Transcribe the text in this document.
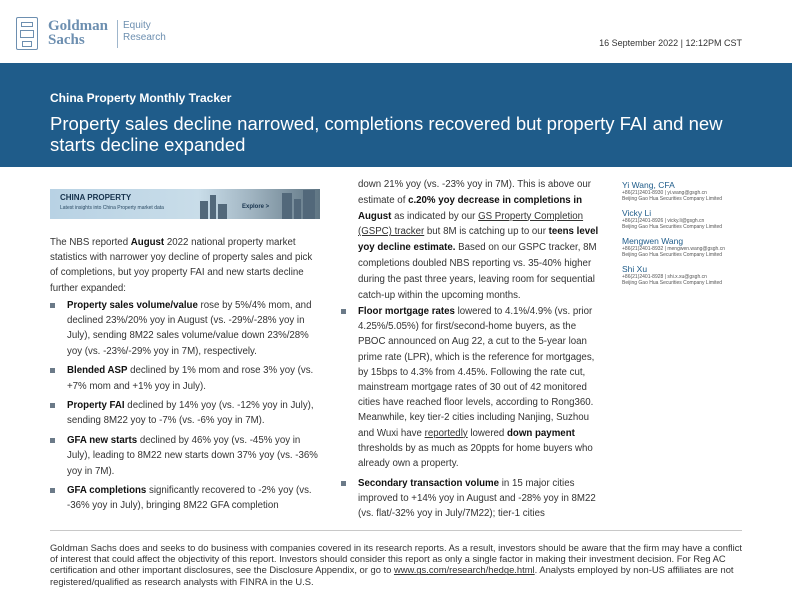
Goldman
Sachs
Equity
Research	16 September 2022 | 12:12PM CST
China Property Monthly Tracker
Property sales decline narrowed, completions recovered but property FAI and new starts decline expanded
CHINA PROPERTY
Latest insights into China Property market data	Explore >
The NBS reported August 2022 national property market statistics with narrower yoy decline of property sales and pick of completions, but yoy property FAI and new starts decline further expanded:
Property sales volume/value rose by 5%/4% mom, and declined 23%/20% yoy in August (vs. -29%/-28% yoy in July), sending 8M22 sales volume/value down 23%/28% yoy (vs. -23%/-29% yoy in 7M), respectively.
Blended ASP declined by 1% mom and rose 3% yoy (vs. +7% mom and +1% yoy in July).
Property FAI declined by 14% yoy (vs. -12% yoy in July), sending 8M22 yoy to -7% (vs. -6% yoy in 7M).
GFA new starts declined by 46% yoy (vs. -45% yoy in July), leading to 8M22 new starts down 37% yoy (vs. -36% yoy in 7M).
GFA completions significantly recovered to -2% yoy (vs. -36% yoy in July), bringing 8M22 GFA completion
down 21% yoy (vs. -23% yoy in 7M). This is above our estimate of c.20% yoy decrease in completions in August as indicated by our GS Property Completion (GSPC) tracker but 8M is catching up to our teens level yoy decline estimate. Based on our GSPC tracker, 8M completions doubled NBS reporting vs. 35-40% higher during the past three years, leaving room for sequential catch-up within the upcoming months.
Floor mortgage rates lowered to 4.1%/4.9% (vs. prior 4.25%/5.05%) for first/second-home buyers, as the PBOC announced on Aug 22, a cut to the 5-year loan prime rate (LPR), which is the reference for mortgages, by 15bps to 4.3% from 4.45%. Following the rate cut, mainstream mortgage rates of 30 out of 42 monitored cities have reached floor levels, according to Rong360. Meanwhile, key tier-2 cities including Nanjing, Suzhou and Wuxi have reportedly lowered down payment thresholds by as much as 20ppts for home buyers who already own a property.
Secondary transaction volume in 15 major cities improved to +14% yoy in August and -28% yoy in 8M22 (vs. flat/-32% yoy in July/7M22); tier-1 cities
Yi Wang, CFA
+86(21)2401-8930 | yi.wang@gsgh.cn
Beijing Gao Hua Securities Company Limited
Vicky Li
+86(21)2401-8926 | vicky.li@gsgh.cn
Beijing Gao Hua Securities Company Limited
Mengwen Wang
+86(21)2401-8932 | mengwen.wang@gsgh.cn
Beijing Gao Hua Securities Company Limited
Shi Xu
+86(21)2401-8928 | shi.x.xu@gsgh.cn
Beijing Gao Hua Securities Company Limited
Goldman Sachs does and seeks to do business with companies covered in its research reports. As a result, investors should be aware that the firm may have a conflict of interest that could affect the objectivity of this report. Investors should consider this report as only a single factor in making their investment decision. For Reg AC certification and other important disclosures, see the Disclosure Appendix, or go to www.gs.com/research/hedge.html. Analysts employed by non-US affiliates are not registered/qualified as research analysts with FINRA in the U.S.
